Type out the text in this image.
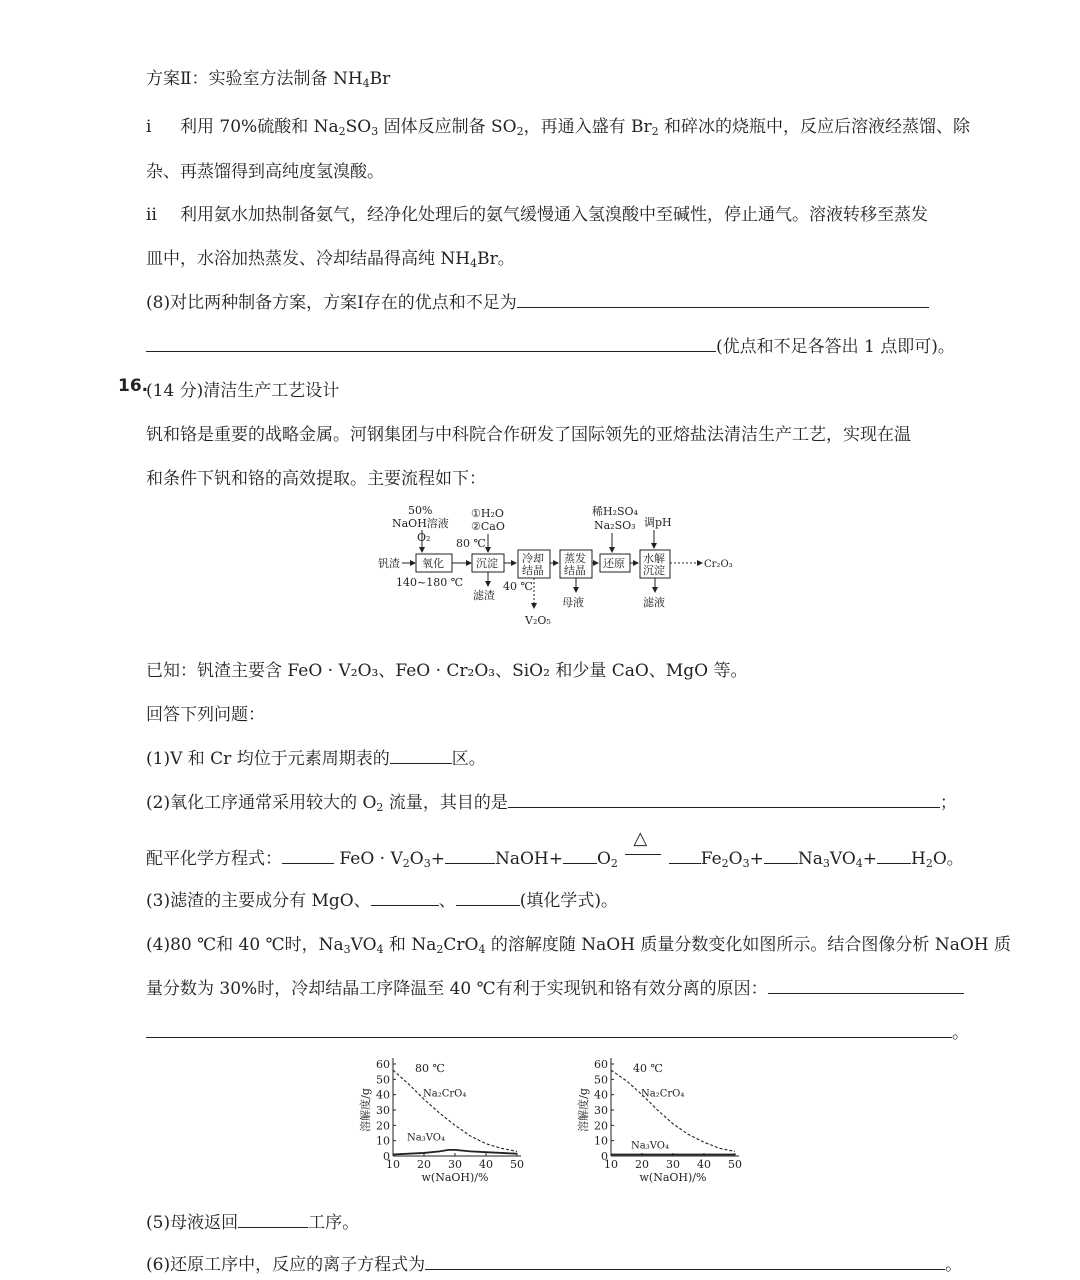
方案Ⅱ：实验室方法制备 $NH_4Br$
ⅰ 利用 70%硫酸和 $Na_2SO_3$ 固体反应制备 $SO_2$，再通入盛有 $Br_2$ 和碎冰的烧瓶中，反应后溶液经蒸馏、除
杂、再蒸馏得到高纯度氢溴酸。
ⅱ 利用氨水加热制备氨气，经净化处理后的氨气缓慢通入氢溴酸中至碱性，停止通气。溶液转移至蒸发
皿中，水浴加热蒸发、冷却结晶得高纯 $NH_4Br$。
(8)对比两种制备方案，方案Ⅰ存在的优点和不足为
(优点和不足各答出 1 点即可)。
16.
(14 分)清洁生产工艺设计
钒和铬是重要的战略金属。河钢集团与中科院合作研发了国际领先的亚熔盐法清洁生产工艺，实现在温
和条件下钒和铬的高效提取。主要流程如下：
50%
NaOH溶液
O₂
钒渣 氧化
140~180 ℃
①H₂O
②CaO
80 ℃
沉淀
滤渣
冷却
结晶
40 ℃
V₂O₅
蒸发
结晶
母液
稀H₂SO₄
Na₂SO₃
还原
调pH
水解
沉淀
滤液
Cr₂O₃
已知：钒渣主要含 FeO · V₂O₃、FeO · Cr₂O₃、SiO₂ 和少量 CaO、MgO 等。
回答下列问题：
(1)V 和 Cr 均位于元素周期表的	区。
(2)氧化工序通常采用较大的 $O_2$ 流量，其目的是	；
配平化学方程式：	FeO · $V_2O_3+$	NaOH+ $O_2$
△
$Fe_2O_3+ Na_3VO_4+ H_2O$。
(3)滤渣的主要成分有 MgO、	、	(填化学式)。
(4)80 ℃和 40 ℃时，$Na_3VO_4$ 和 $Na_2CrO_4$ 的溶解度随 NaOH 质量分数变化如图所示。结合图像分析 NaOH 质
量分数为 30%时，冷却结晶工序降温至 40 ℃有利于实现钒和铬有效分离的原因：
。
0
10
20
30
40
50
60
10 20 30 40 50
80 ℃
w(NaOH)/%
溶解度/g	Na₂CrO₄
Na₃VO₄
0
10
20
30
40
50
60
10 20 30 40 50
40 ℃
w(NaOH)/%
溶解度/g	Na₂CrO₄
Na₃VO₄
(5)母液返回	工序。
(6)还原工序中，反应的离子方程式为	。
